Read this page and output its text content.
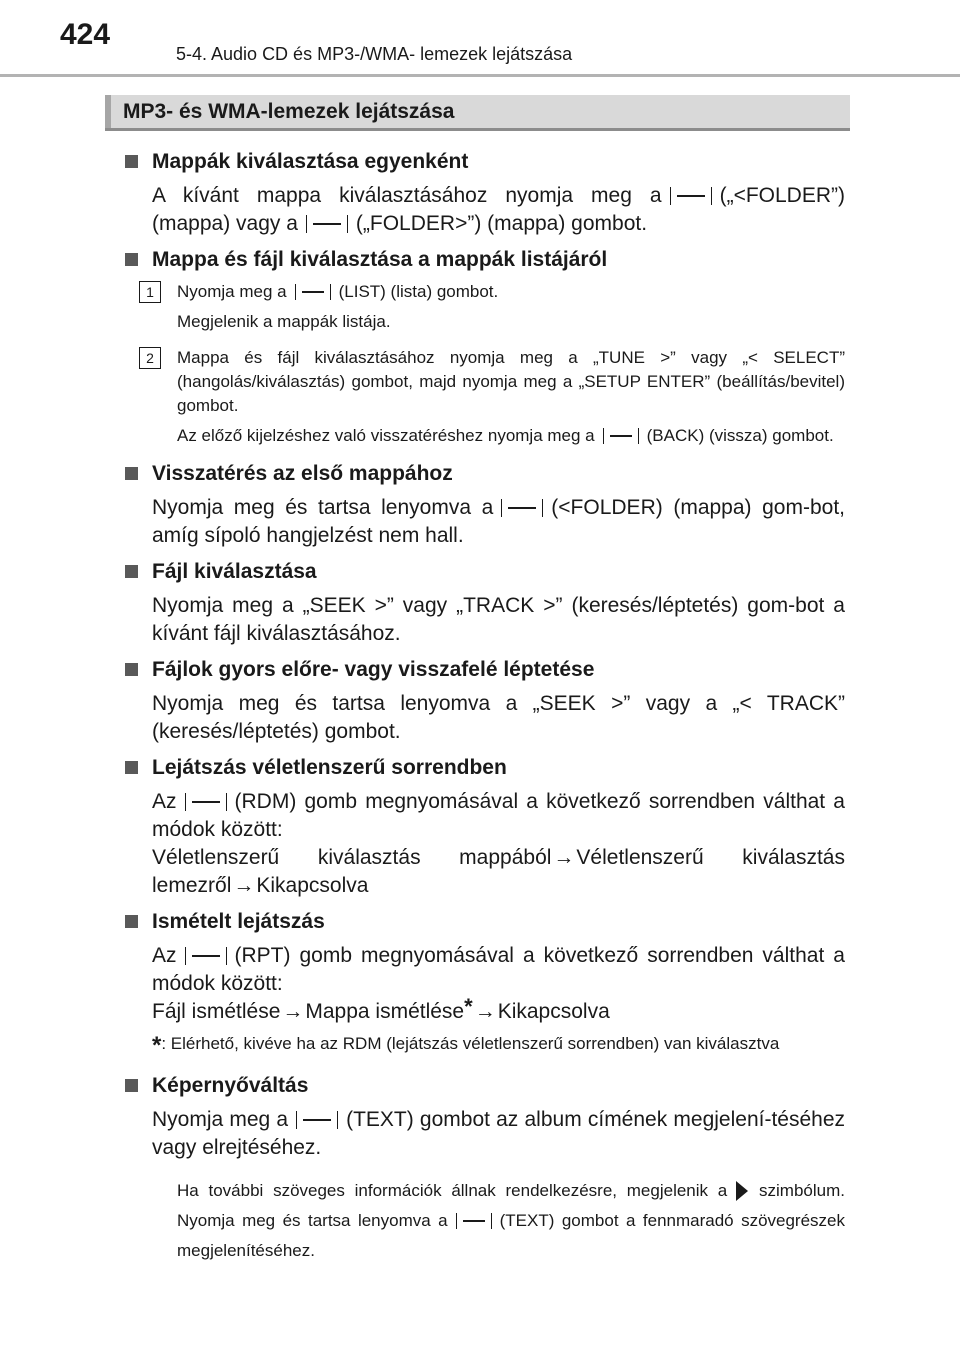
424
5-4. Audio CD és MP3-/WMA- lemezek lejátszása
MP3- és WMA-lemezek lejátszása
Mappák kiválasztása egyenként
A kívánt mappa kiválasztásához nyomja meg a	(„<FOLDER”) (mappa) vagy a	(„FOLDER>”) (mappa) gombot.
Mappa és fájl kiválasztása a mappák listájáról
1	Nyomja meg a	(LIST) (lista) gombot.
Megjelenik a mappák listája.
2	Mappa és fájl kiválasztásához nyomja meg a „TUNE >” vagy „< SELECT” (hangolás/kiválasztás) gombot, majd nyomja meg a „SETUP ENTER” (beállítás/bevitel) gombot.
Az előző kijelzéshez való visszatéréshez nyomja meg a	(BACK) (vissza) gombot.
Visszatérés az első mappához
Nyomja meg és tartsa lenyomva a	(<FOLDER) (mappa) gom-bot, amíg sípoló hangjelzést nem hall.
Fájl kiválasztása
Nyomja meg a „SEEK >” vagy „TRACK >” (keresés/léptetés) gom-bot a kívánt fájl kiválasztásához.
Fájlok gyors előre- vagy visszafelé léptetése
Nyomja meg és tartsa lenyomva a „SEEK >” vagy a „< TRACK” (keresés/léptetés) gombot.
Lejátszás véletlenszerű sorrendben
Az	(RDM) gomb megnyomásával a következő sorrendben válthat a módok között:
Véletlenszerű kiválasztás mappából→Véletlenszerű kiválasztás lemezről→Kikapcsolva
Ismételt lejátszás
Az	(RPT) gomb megnyomásával a következő sorrendben válthat a módok között:
Fájl ismétlése→Mappa ismétlése*→Kikapcsolva
*: Elérhető, kivéve ha az RDM (lejátszás véletlenszerű sorrendben) van kiválasztva
Képernyőváltás
Nyomja meg a	(TEXT) gombot az album címének megjelení-téséhez vagy elrejtéséhez.
Ha további szöveges információk állnak rendelkezésre, megjelenik a szimbólum. Nyomja meg és tartsa lenyomva a	(TEXT) gombot a fennmaradó szövegrészek megjelenítéséhez.
